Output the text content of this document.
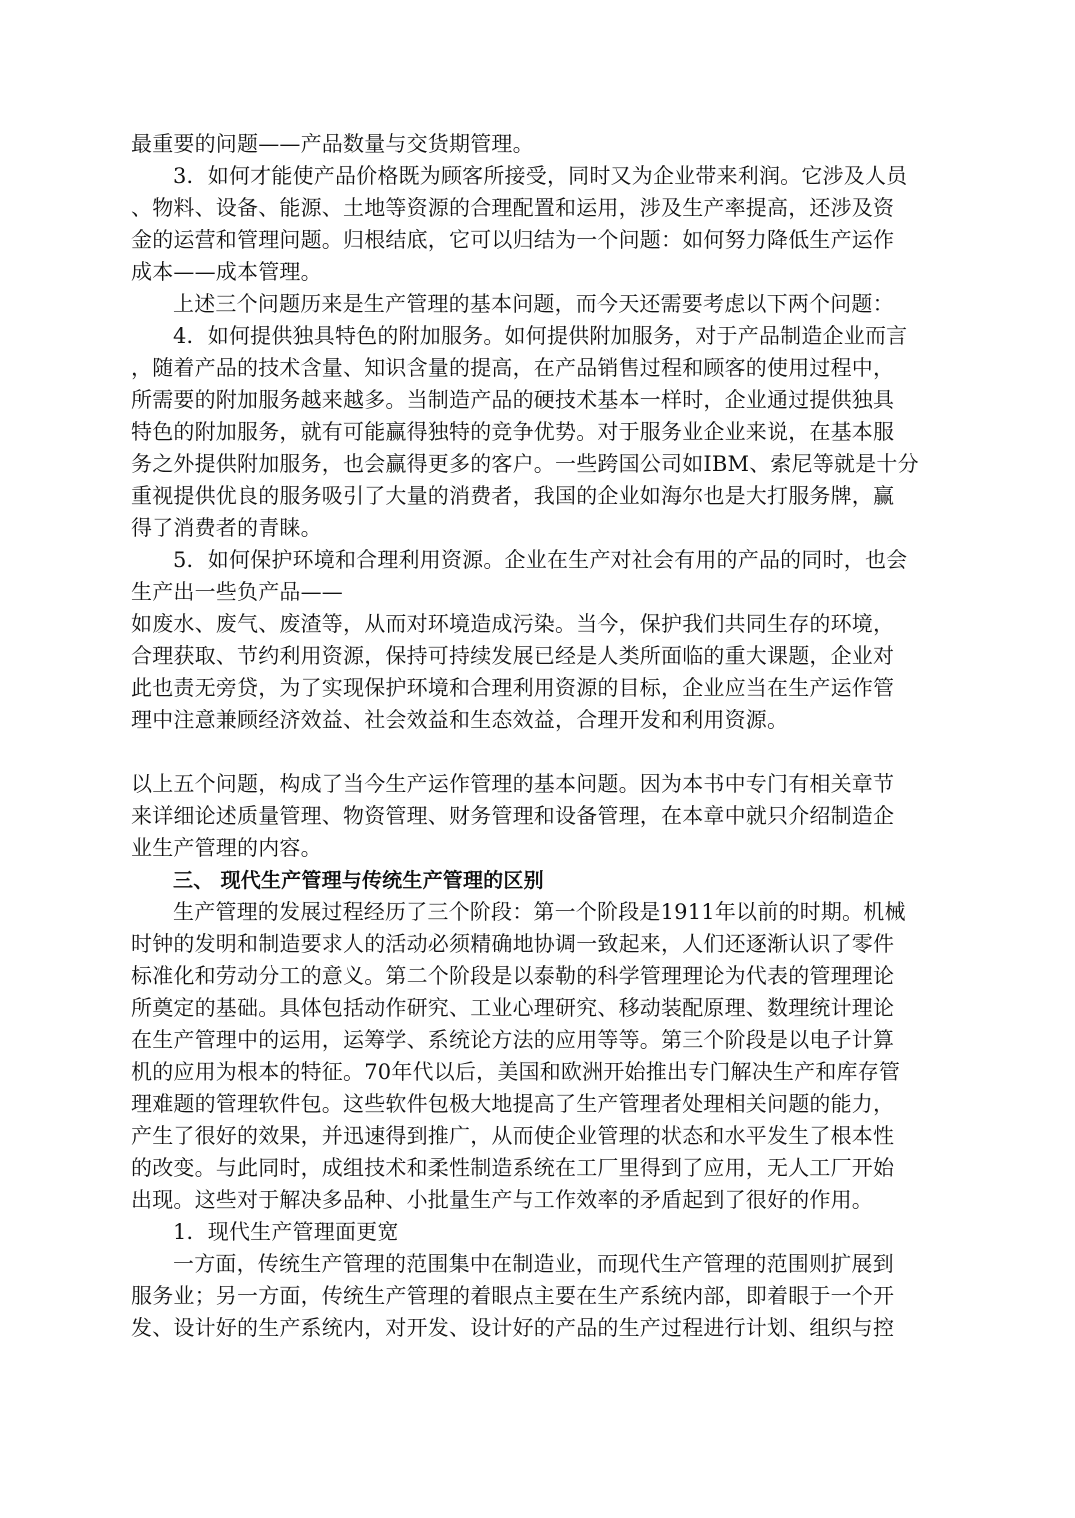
最重要的问题——产品数量与交货期管理。
3．如何才能使产品价格既为顾客所接受，同时又为企业带来利润。它涉及人员
、物料、设备、能源、土地等资源的合理配置和运用，涉及生产率提高，还涉及资
金的运营和管理问题。归根结底，它可以归结为一个问题：如何努力降低生产运作
成本——成本管理。
上述三个问题历来是生产管理的基本问题，而今天还需要考虑以下两个问题：
4．如何提供独具特色的附加服务。如何提供附加服务，对于产品制造企业而言
，随着产品的技术含量、知识含量的提高，在产品销售过程和顾客的使用过程中，
所需要的附加服务越来越多。当制造产品的硬技术基本一样时，企业通过提供独具
特色的附加服务，就有可能赢得独特的竞争优势。对于服务业企业来说，在基本服
务之外提供附加服务，也会赢得更多的客户。一些跨国公司如IBM、索尼等就是十分
重视提供优良的服务吸引了大量的消费者，我国的企业如海尔也是大打服务牌，赢
得了消费者的青睐。
5．如何保护环境和合理利用资源。企业在生产对社会有用的产品的同时，也会
生产出一些负产品——
如废水、废气、废渣等，从而对环境造成污染。当今，保护我们共同生存的环境，
合理获取、节约利用资源，保持可持续发展已经是人类所面临的重大课题，企业对
此也责无旁贷，为了实现保护环境和合理利用资源的目标，企业应当在生产运作管
理中注意兼顾经济效益、社会效益和生态效益，合理开发和利用资源。
以上五个问题，构成了当今生产运作管理的基本问题。因为本书中专门有相关章节
来详细论述质量管理、物资管理、财务管理和设备管理，在本章中就只介绍制造企
业生产管理的内容。
三、 现代生产管理与传统生产管理的区别
生产管理的发展过程经历了三个阶段：第一个阶段是1911年以前的时期。机械
时钟的发明和制造要求人的活动必须精确地协调一致起来，人们还逐渐认识了零件
标准化和劳动分工的意义。第二个阶段是以泰勒的科学管理理论为代表的管理理论
所奠定的基础。具体包括动作研究、工业心理研究、移动装配原理、数理统计理论
在生产管理中的运用，运筹学、系统论方法的应用等等。第三个阶段是以电子计算
机的应用为根本的特征。70年代以后，美国和欧洲开始推出专门解决生产和库存管
理难题的管理软件包。这些软件包极大地提高了生产管理者处理相关问题的能力，
产生了很好的效果，并迅速得到推广，从而使企业管理的状态和水平发生了根本性
的改变。与此同时，成组技术和柔性制造系统在工厂里得到了应用，无人工厂开始
出现。这些对于解决多品种、小批量生产与工作效率的矛盾起到了很好的作用。
1．现代生产管理面更宽
一方面，传统生产管理的范围集中在制造业，而现代生产管理的范围则扩展到
服务业；另一方面，传统生产管理的着眼点主要在生产系统内部，即着眼于一个开
发、设计好的生产系统内，对开发、设计好的产品的生产过程进行计划、组织与控
